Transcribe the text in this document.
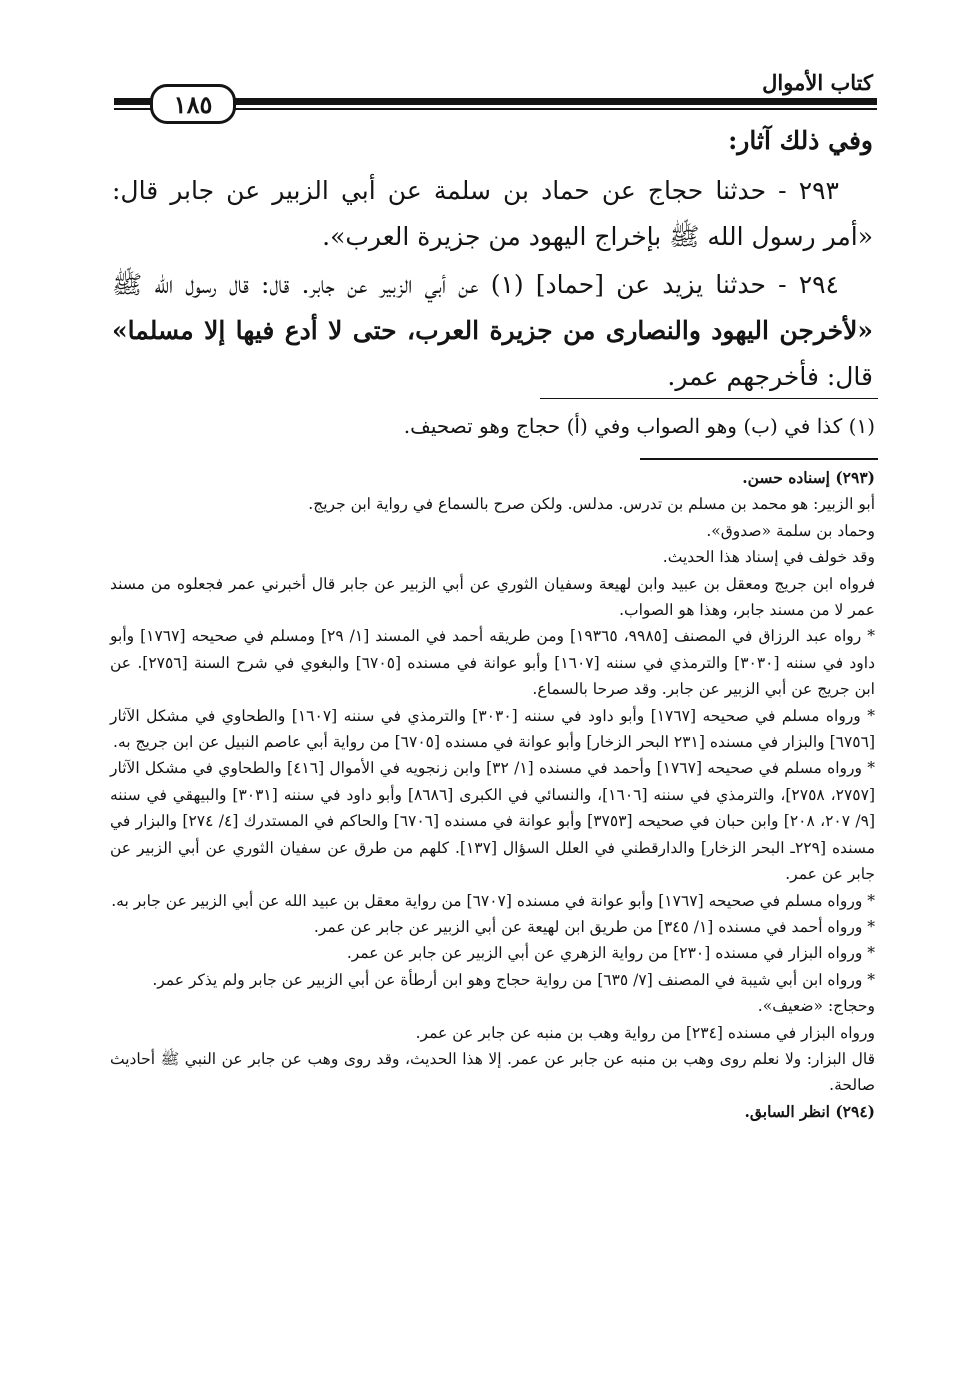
كتاب الأموال
١٨٥

وفي ذلك آثار:

٢٩٣ - حدثنا حجاج عن حماد بن سلمة عن أبي الزبير عن جابر قال: «أمر رسول الله ﷺ بإخراج اليهود من جزيرة العرب».

٢٩٤ - حدثنا يزيد عن [حماد] (١) عن أبي الزبير عن جابر. قال: قال رسول الله ﷺ «لأخرجن اليهود والنصارى من جزيرة العرب، حتى لا أدع فيها إلا مسلما» قال: فأخرجهم عمر.

(١) كذا في (ب) وهو الصواب وفي (أ) حجاج وهو تصحيف.

(٢٩٣) إسناده حسن.

أبو الزبير: هو محمد بن مسلم بن تدرس. مدلس. ولكن صرح بالسماع في رواية ابن جريج.

وحماد بن سلمة «صدوق».

وقد خولف في إسناد هذا الحديث.

فرواه ابن جريج ومعقل بن عبيد وابن لهيعة وسفيان الثوري عن أبي الزبير عن جابر قال أخبرني عمر فجعلوه من مسند عمر لا من مسند جابر، وهذا هو الصواب.

* رواه عبد الرزاق في المصنف [٩٩٨٥، ١٩٣٦٥] ومن طريقه أحمد في المسند [١/ ٢٩] ومسلم في صحيحه [١٧٦٧] وأبو داود في سننه [٣٠٣٠] والترمذي في سننه [١٦٠٧] وأبو عوانة في مسنده [٦٧٠٥] والبغوي في شرح السنة [٢٧٥٦]. عن ابن جريج عن أبي الزبير عن جابر. وقد صرحا بالسماع.

* ورواه مسلم في صحيحه [١٧٦٧] وأبو داود في سننه [٣٠٣٠] والترمذي في سننه [١٦٠٧] والطحاوي في مشكل الآثار [٦٧٥٦] والبزار في مسنده [٢٣١ البحر الزخار] وأبو عوانة في مسنده [٦٧٠٥] من رواية أبي عاصم النبيل عن ابن جريج به.

* ورواه مسلم في صحيحه [١٧٦٧] وأحمد في مسنده [١/ ٣٢] وابن زنجويه في الأموال [٤١٦] والطحاوي في مشكل الآثار [٢٧٥٧، ٢٧٥٨]، والترمذي في سننه [١٦٠٦]، والنسائي في الكبرى [٨٦٨٦] وأبو داود في سننه [٣٠٣١] والبيهقي في سننه [٩/ ٢٠٧، ٢٠٨] وابن حبان في صحيحه [٣٧٥٣] وأبو عوانة في مسنده [٦٧٠٦] والحاكم في المستدرك [٤/ ٢٧٤] والبزار في مسنده [٢٢٩ـ البحر الزخار] والدارقطني في العلل السؤال [١٣٧]. كلهم من طرق عن سفيان الثوري عن أبي الزبير عن جابر عن عمر.

* ورواه مسلم في صحيحه [١٧٦٧] وأبو عوانة في مسنده [٦٧٠٧] من رواية معقل بن عبيد الله عن أبي الزبير عن جابر به.

* ورواه أحمد في مسنده [١/ ٣٤٥] من طريق ابن لهيعة عن أبي الزبير عن جابر عن عمر.

* ورواه البزار في مسنده [٢٣٠] من رواية الزهري عن أبي الزبير عن جابر عن عمر.

* ورواه ابن أبي شيبة في المصنف [٧/ ٦٣٥] من رواية حجاج وهو ابن أرطأة عن أبي الزبير عن جابر ولم يذكر عمر.

وحجاج: «ضعيف».

ورواه البزار في مسنده [٢٣٤] من رواية وهب بن منبه عن جابر عن عمر.

قال البزار: ولا نعلم روى وهب بن منبه عن جابر عن عمر. إلا هذا الحديث، وقد روى وهب عن جابر عن النبي ﷺ أحاديث صالحة.

(٢٩٤) انظر السابق.
